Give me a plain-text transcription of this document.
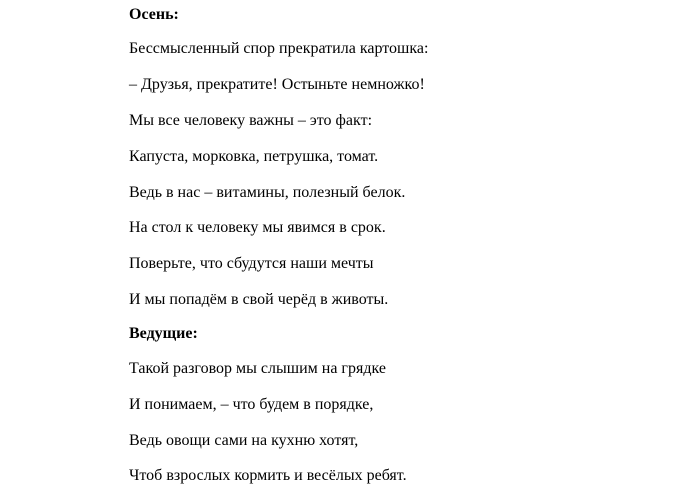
Осень:
Бессмысленный спор прекратила картошка:
– Друзья, прекратите! Остыньте немножко!
Мы все человеку важны – это факт:
Капуста, морковка, петрушка, томат.
Ведь в нас – витамины, полезный белок.
На стол к человеку мы явимся в срок.
Поверьте, что сбудутся наши мечты
И мы попадём в свой черёд в животы.
Ведущие:
Такой разговор мы слышим на грядке
И понимаем, – что будем в порядке,
Ведь овощи сами на кухню хотят,
Чтоб взрослых кормить и весёлых ребят.
